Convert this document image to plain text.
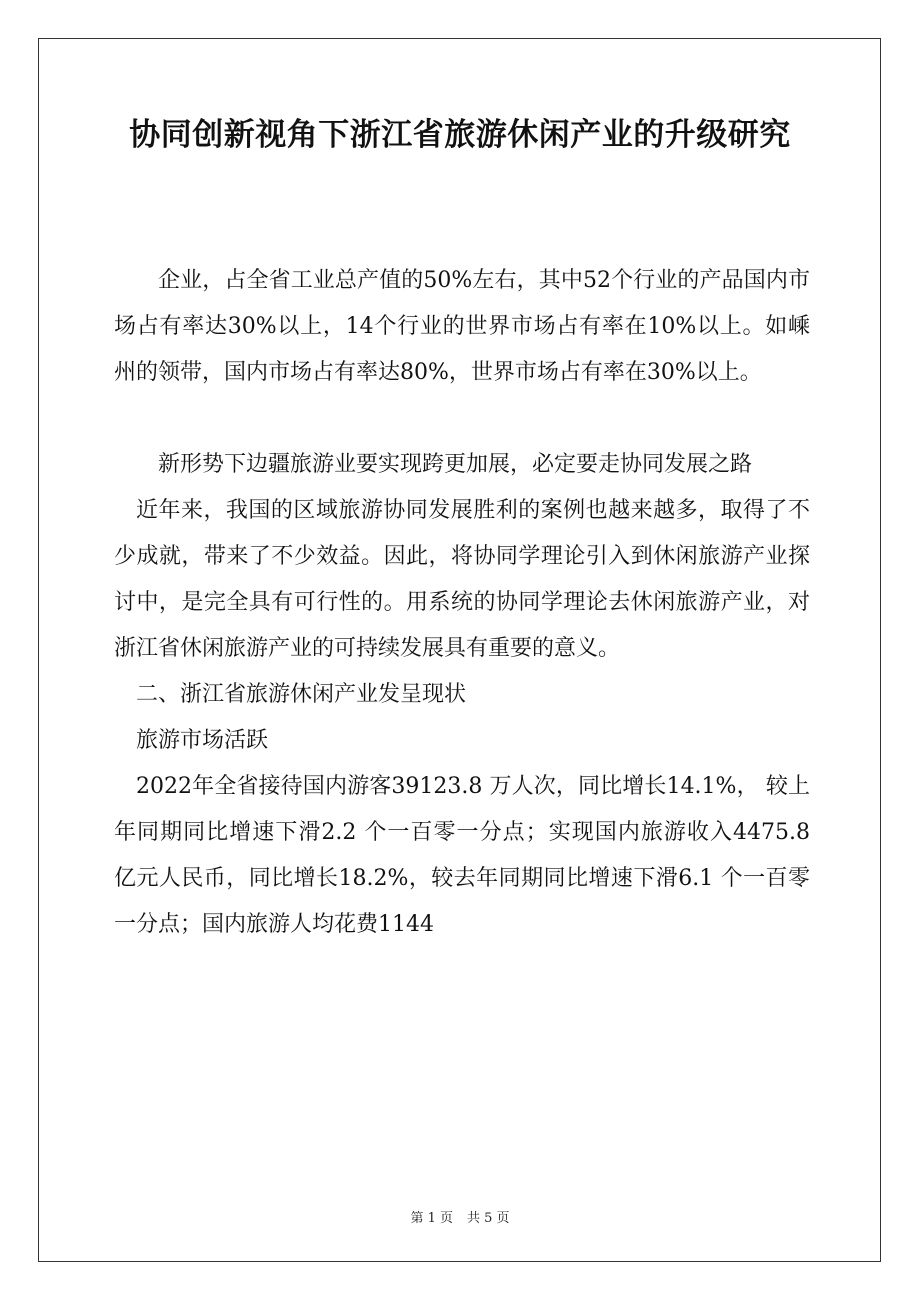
协同创新视角下浙江省旅游休闲产业的升级研究

企业，占全省工业总产值的50%左右，其中52个行业的产品国内市场占有率达30%以上，14个行业的世界市场占有率在10%以上。如嵊州的领带，国内市场占有率达80%，世界市场占有率在30%以上。

新形势下边疆旅游业要实现跨更加展，必定要走协同发展之路

近年来，我国的区域旅游协同发展胜利的案例也越来越多，取得了不少成就，带来了不少效益。因此，将协同学理论引入到休闲旅游产业探讨中，是完全具有可行性的。用系统的协同学理论去休闲旅游产业，对浙江省休闲旅游产业的可持续发展具有重要的意义。

二、浙江省旅游休闲产业发呈现状

旅游市场活跃

2022年全省接待国内游客39123.8 万人次，同比增长14.1%， 较上年同期同比增速下滑2.2 个一百零一分点；实现国内旅游收入4475.8 亿元人民币，同比增长18.2%，较去年同期同比增速下滑6.1 个一百零一分点；国内旅游人均花费1144

第 1 页 共 5 页
